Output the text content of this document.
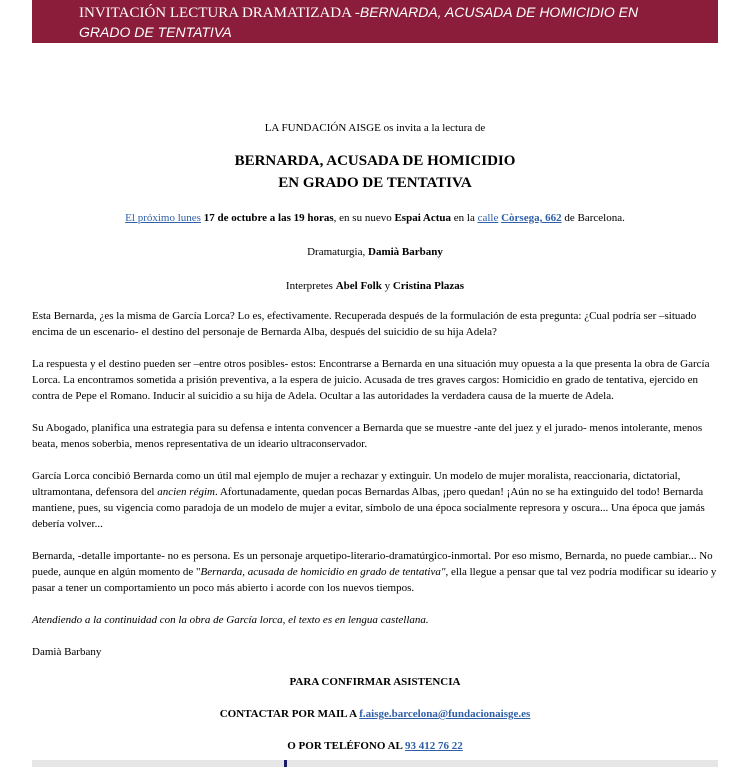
INVITACIÓN LECTURA DRAMATIZADA -BERNARDA, ACUSADA DE HOMICIDIO EN
GRADO DE TENTATIVA
LA FUNDACIÓN AISGE os invita a la lectura de
BERNARDA, ACUSADA DE HOMICIDIO
EN GRADO DE TENTATIVA
El próximo lunes 17 de octubre a las 19 horas, en su nuevo Espai Actua en la calle Còrsega, 662 de Barcelona.
Dramaturgia, Damià Barbany
Interpretes Abel Folk y Cristina Plazas
Esta Bernarda, ¿es la misma de García Lorca? Lo es, efectivamente. Recuperada después de la formulación de esta pregunta: ¿Cual podría ser –situado encima de un escenario- el destino del personaje de Bernarda Alba, después del suicidio de su hija Adela?
La respuesta y el destino pueden ser –entre otros posibles- estos: Encontrarse a Bernarda en una situación muy opuesta a la que presenta la obra de García Lorca. La encontramos sometida a prisión preventiva, a la espera de juicio. Acusada de tres graves cargos: Homicidio en grado de tentativa, ejercido en contra de Pepe el Romano. Inducir al suicidio a su hija de Adela. Ocultar a las autoridades la verdadera causa de la muerte de Adela.
Su Abogado, planifica una estrategia para su defensa e intenta convencer a Bernarda que se muestre -ante del juez y el jurado- menos intolerante, menos beata, menos soberbia, menos representativa de un ideario ultraconservador.
García Lorca concibió Bernarda como un útil mal ejemplo de mujer a rechazar y extinguir. Un modelo de mujer moralista, reaccionaria, dictatorial, ultramontana, defensora del ancien régim. Afortunadamente, quedan pocas Bernardas Albas, ¡pero quedan! ¡Aún no se ha extinguido del todo! Bernarda mantiene, pues, su vigencia como paradoja de un modelo de mujer a evitar, símbolo de una época socialmente represora y oscura... Una época que jamás debería volver...
Bernarda, -detalle importante- no es persona. Es un personaje arquetipo-literario-dramatúrgico-inmortal. Por eso mismo, Bernarda, no puede cambiar... No puede, aunque en algún momento de "Bernarda, acusada de homicidio en grado de tentativa", ella llegue a pensar que tal vez podría modificar su ideario y pasar a tener un comportamiento un poco más abierto i acorde con los nuevos tiempos.
Atendiendo a la continuidad con la obra de García lorca, el texto es en lengua castellana.
Damià Barbany
PARA CONFIRMAR ASISTENCIA
CONTACTAR POR MAIL A f.aisge.barcelona@fundacionaisge.es
O POR TELÉFONO AL 93 412 76 22
